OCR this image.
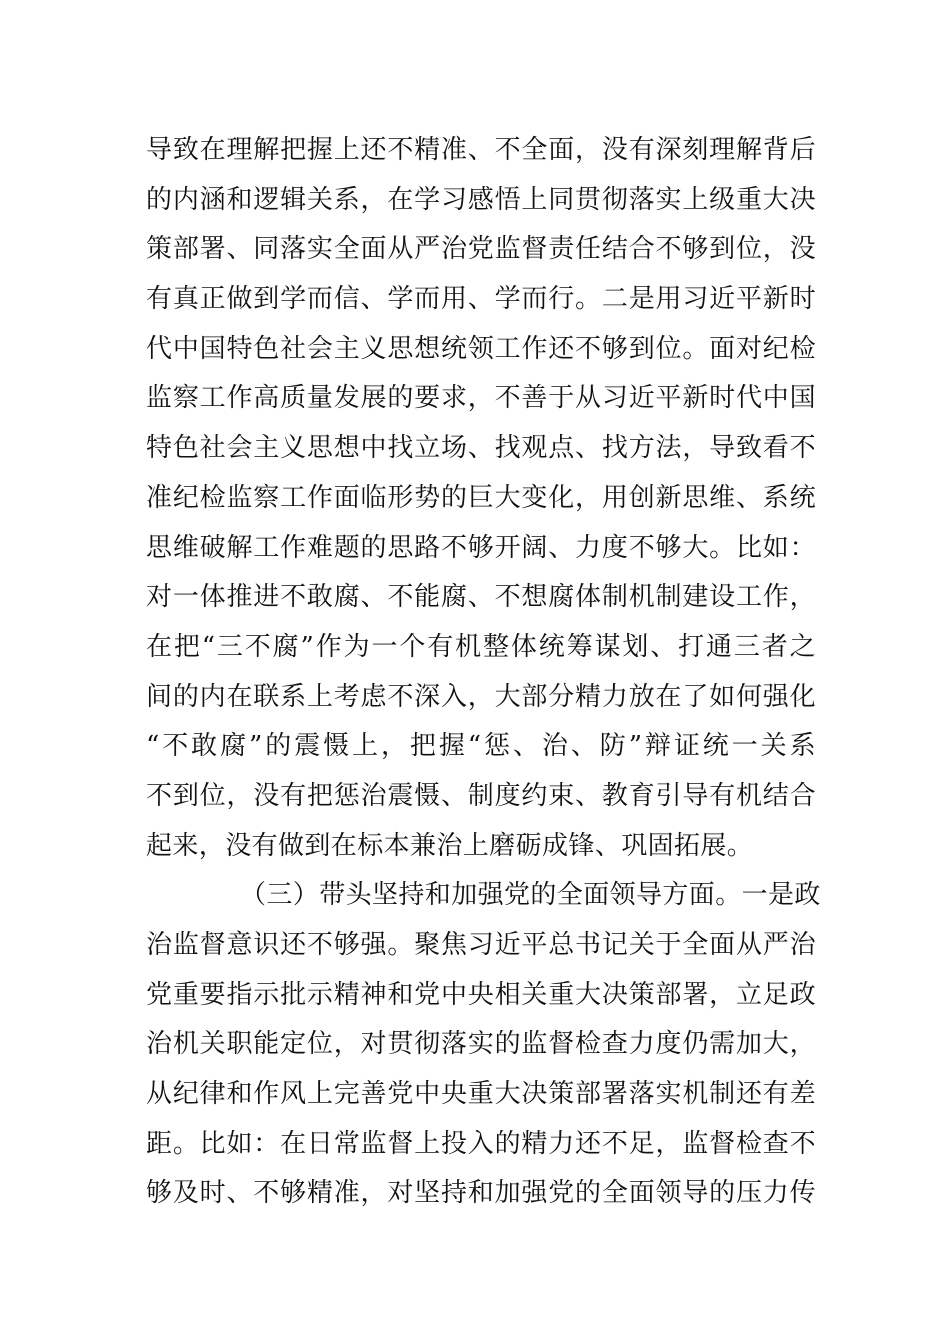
导致在理解把握上还不精准、不全面，没有深刻理解背后
的内涵和逻辑关系，在学习感悟上同贯彻落实上级重大决
策部署、同落实全面从严治党监督责任结合不够到位，没
有真正做到学而信、学而用、学而行。二是用习近平新时
代中国特色社会主义思想统领工作还不够到位。面对纪检
监察工作高质量发展的要求，不善于从习近平新时代中国
特色社会主义思想中找立场、找观点、找方法，导致看不
准纪检监察工作面临形势的巨大变化，用创新思维、系统
思维破解工作难题的思路不够开阔、力度不够大。比如：
对一体推进不敢腐、不能腐、不想腐体制机制建设工作，
在把“三不腐”作为一个有机整体统筹谋划、打通三者之
间的内在联系上考虑不深入，大部分精力放在了如何强化
“不敢腐”的震慑上，把握“惩、治、防”辩证统一关系
不到位，没有把惩治震慑、制度约束、教育引导有机结合
起来，没有做到在标本兼治上磨砺成锋、巩固拓展。
（三）带头坚持和加强党的全面领导方面。一是政
治监督意识还不够强。聚焦习近平总书记关于全面从严治
党重要指示批示精神和党中央相关重大决策部署，立足政
治机关职能定位，对贯彻落实的监督检查力度仍需加大，
从纪律和作风上完善党中央重大决策部署落实机制还有差
距。比如：在日常监督上投入的精力还不足，监督检查不
够及时、不够精准，对坚持和加强党的全面领导的压力传
